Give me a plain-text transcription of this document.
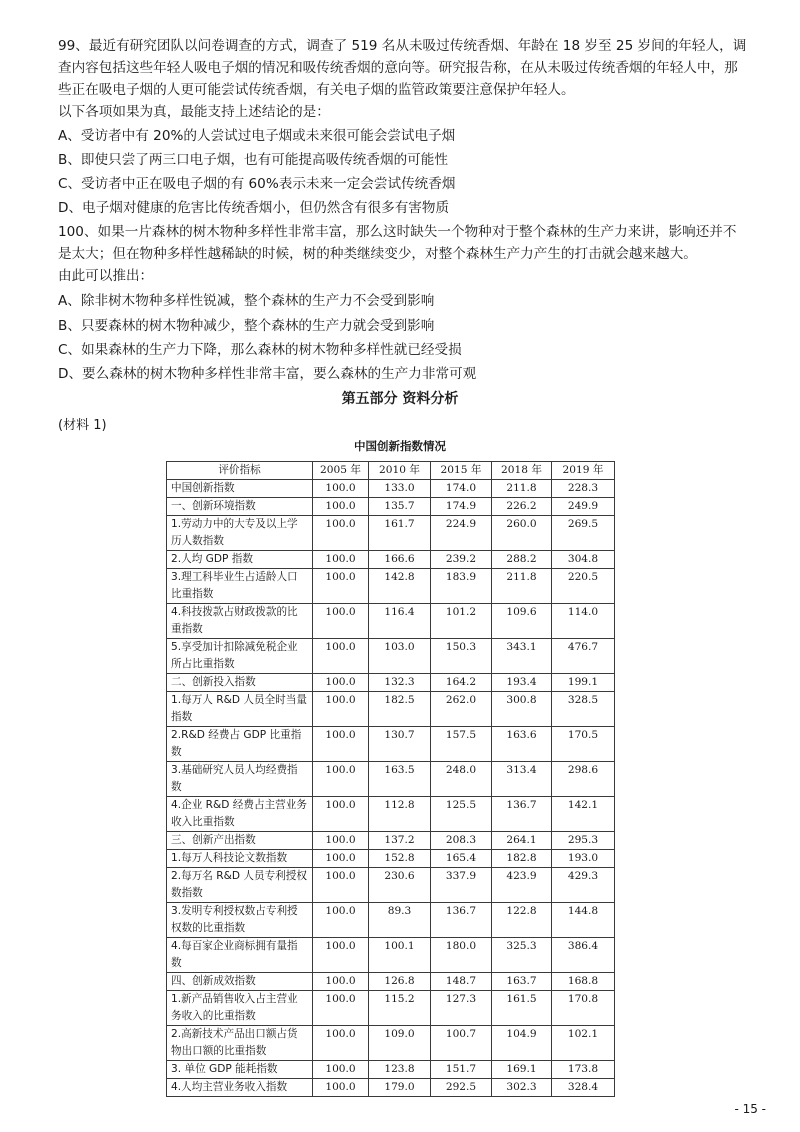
99、最近有研究团队以问卷调查的方式，调查了 519 名从未吸过传统香烟、年龄在 18 岁至 25 岁间的年轻人，调查内容包括这些年轻人吸电子烟的情况和吸传统香烟的意向等。研究报告称，在从未吸过传统香烟的年轻人中，那些正在吸电子烟的人更可能尝试传统香烟，有关电子烟的监管政策要注意保护年轻人。

以下各项如果为真，最能支持上述结论的是：

A、受访者中有 20%的人尝试过电子烟或未来很可能会尝试电子烟

B、即使只尝了两三口电子烟，也有可能提高吸传统香烟的可能性

C、受访者中正在吸电子烟的有 60%表示未来一定会尝试传统香烟

D、电子烟对健康的危害比传统香烟小，但仍然含有很多有害物质

100、如果一片森林的树木物种多样性非常丰富，那么这时缺失一个物种对于整个森林的生产力来讲，影响还并不是太大；但在物种多样性越稀缺的时候，树的种类继续变少，对整个森林生产力产生的打击就会越来越大。

由此可以推出：

A、除非树木物种多样性锐减，整个森林的生产力不会受到影响

B、只要森林的树木物种减少，整个森林的生产力就会受到影响

C、如果森林的生产力下降，那么森林的树木物种多样性就已经受损

D、要么森林的树木物种多样性非常丰富，要么森林的生产力非常可观

第五部分 资料分析
(材料 1)
中国创新指数情况
评价指标	2005 年	2010 年	2015 年	2018 年	2019 年
中国创新指数	100.0	133.0	174.0	211.8	228.3
一、创新环境指数	100.0	135.7	174.9	226.2	249.9
1.劳动力中的大专及以上学历人数指数	100.0	161.7	224.9	260.0	269.5
2.人均 GDP 指数	100.0	166.6	239.2	288.2	304.8
3.理工科毕业生占适龄人口比重指数	100.0	142.8	183.9	211.8	220.5
4.科技拨款占财政拨款的比重指数	100.0	116.4	101.2	109.6	114.0
5.享受加计扣除减免税企业所占比重指数	100.0	103.0	150.3	343.1	476.7
二、创新投入指数	100.0	132.3	164.2	193.4	199.1
1.每万人 R&D 人员全时当量指数	100.0	182.5	262.0	300.8	328.5
2.R&D 经费占 GDP 比重指数	100.0	130.7	157.5	163.6	170.5
3.基础研究人员人均经费指数	100.0	163.5	248.0	313.4	298.6
4.企业 R&D 经费占主营业务收入比重指数	100.0	112.8	125.5	136.7	142.1
三、创新产出指数	100.0	137.2	208.3	264.1	295.3
1.每万人科技论文数指数	100.0	152.8	165.4	182.8	193.0
2.每万名 R&D 人员专利授权数指数	100.0	230.6	337.9	423.9	429.3
3.发明专利授权数占专利授权数的比重指数	100.0	89.3	136.7	122.8	144.8
4.每百家企业商标拥有量指数	100.0	100.1	180.0	325.3	386.4
四、创新成效指数	100.0	126.8	148.7	163.7	168.8
1.新产品销售收入占主营业务收入的比重指数	100.0	115.2	127.3	161.5	170.8
2.高新技术产品出口额占货物出口额的比重指数	100.0	109.0	100.7	104.9	102.1
3. 单位 GDP 能耗指数	100.0	123.8	151.7	169.1	173.8
4.人均主营业务收入指数	100.0	179.0	292.5	302.3	328.4
- 15 -
